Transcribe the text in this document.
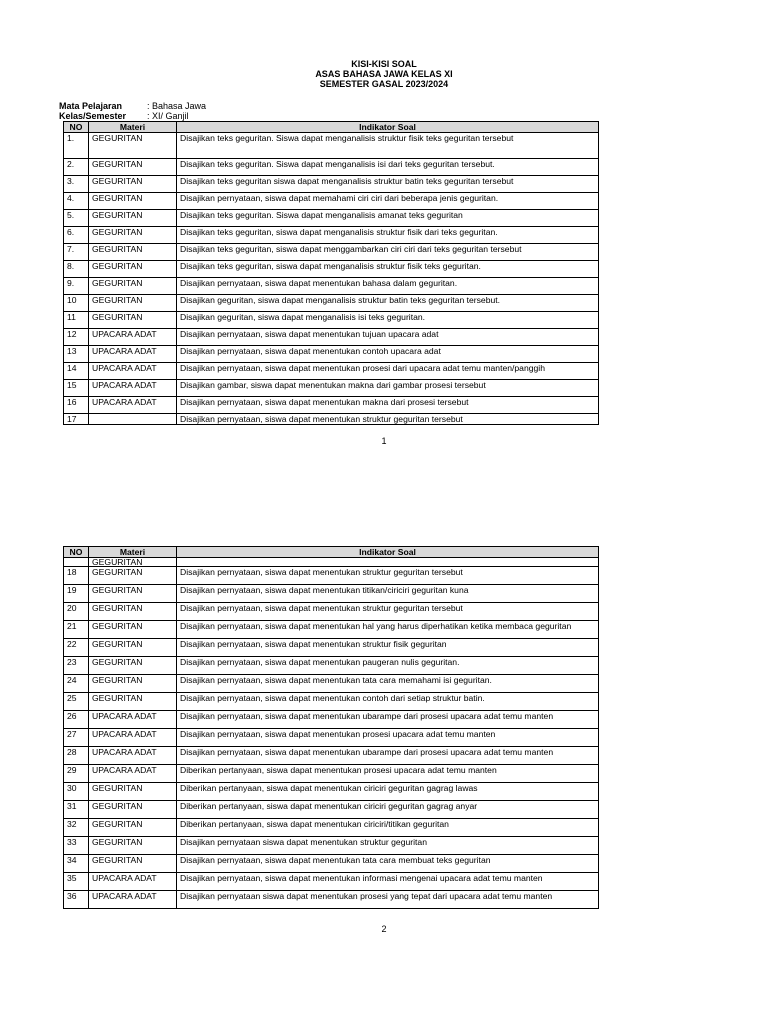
KISI-KISI SOAL
ASAS BAHASA JAWA KELAS XI
SEMESTER GASAL 2023/2024
Mata Pelajaran	: Bahasa Jawa
Kelas/Semester : XI/ Ganjil
NO	Materi	Indikator Soal
1.	GEGURITAN	Disajikan teks geguritan. Siswa dapat menganalisis struktur fisik teks geguritan tersebut
2.	GEGURITAN	Disajikan teks geguritan. Siswa dapat menganalisis isi dari teks geguritan tersebut.
3.	GEGURITAN	Disajikan teks geguritan siswa dapat menganalisis struktur batin teks geguritan tersebut
4.	GEGURITAN	Disajikan pernyataan, siswa dapat memahami ciri ciri dari beberapa jenis geguritan.
5.	GEGURITAN	Disajikan teks geguritan. Siswa dapat menganalisis amanat teks geguritan
6.	GEGURITAN	Disajikan teks geguritan, siswa dapat menganalisis struktur fisik dari teks geguritan.
7.	GEGURITAN	Disajikan teks geguritan, siswa dapat menggambarkan ciri ciri dari teks geguritan tersebut
8.	GEGURITAN	Disajikan teks geguritan, siswa dapat menganalisis struktur fisik teks geguritan.
9.	GEGURITAN	Disajikan pernyataan, siswa dapat menentukan bahasa dalam geguritan.
10	GEGURITAN	Disajikan geguritan, siswa dapat menganalisis struktur batin teks geguritan tersebut.
11	GEGURITAN	Disajikan geguritan, siswa dapat menganalisis isi teks geguritan.
12	UPACARA ADAT	Disajikan pernyataan, siswa dapat menentukan tujuan upacara adat
13	UPACARA ADAT	Disajikan pernyataan, siswa dapat menentukan contoh upacara adat
14	UPACARA ADAT	Disajikan pernyataan, siswa dapat menentukan prosesi dari upacara adat temu manten/panggih
15	UPACARA ADAT	Disajikan gambar, siswa dapat menentukan makna dari gambar prosesi tersebut
16	UPACARA ADAT	Disajikan pernyataan, siswa dapat menentukan makna dari prosesi tersebut
17		Disajikan pernyataan, siswa dapat menentukan struktur geguritan tersebut
1
NO	Materi	Indikator Soal
	GEGURITAN	
18	GEGURITAN	Disajikan pernyataan, siswa dapat menentukan struktur geguritan tersebut
19	GEGURITAN	Disajikan pernyataan, siswa dapat menentukan titikan/ciriciri geguritan kuna
20	GEGURITAN	Disajikan pernyataan, siswa dapat menentukan struktur geguritan tersebut
21	GEGURITAN	Disajikan pernyataan, siswa dapat menentukan hal yang harus diperhatikan ketika membaca geguritan
22	GEGURITAN	Disajikan pernyataan, siswa dapat menentukan struktur fisik geguritan
23	GEGURITAN	Disajikan pernyataan, siswa dapat menentukan paugeran nulis geguritan.
24	GEGURITAN	Disajikan pernyataan, siswa dapat menentukan tata cara memahami isi geguritan.
25	GEGURITAN	Disajikan pernyataan, siswa dapat menentukan contoh dari setiap struktur batin.
26	UPACARA ADAT	Disajikan pernyataan, siswa dapat menentukan ubarampe dari prosesi upacara adat temu manten
27	UPACARA ADAT	Disajikan pernyataan, siswa dapat menentukan prosesi upacara adat temu manten
28	UPACARA ADAT	Disajikan pernyataan, siswa dapat menentukan ubarampe dari prosesi upacara adat temu manten
29	UPACARA ADAT	Diberikan pertanyaan, siswa dapat menentukan prosesi upacara adat temu manten
30	GEGURITAN	Diberikan pertanyaan, siswa dapat menentukan ciriciri geguritan gagrag lawas
31	GEGURITAN	Diberikan pertanyaan, siswa dapat menentukan ciriciri geguritan gagrag anyar
32	GEGURITAN	Diberikan pertanyaan, siswa dapat menentukan ciriciri/titikan geguritan
33	GEGURITAN	Disajikan pernyataan siswa dapat menentukan struktur geguritan
34	GEGURITAN	Disajikan pernyataan, siswa dapat menentukan tata cara membuat teks geguritan
35	UPACARA ADAT	Disajikan pernyataan, siswa dapat menentukan informasi mengenai upacara adat temu manten
36	UPACARA ADAT	Disajikan pernyataan siswa dapat menentukan prosesi yang tepat dari upacara adat temu manten
2
